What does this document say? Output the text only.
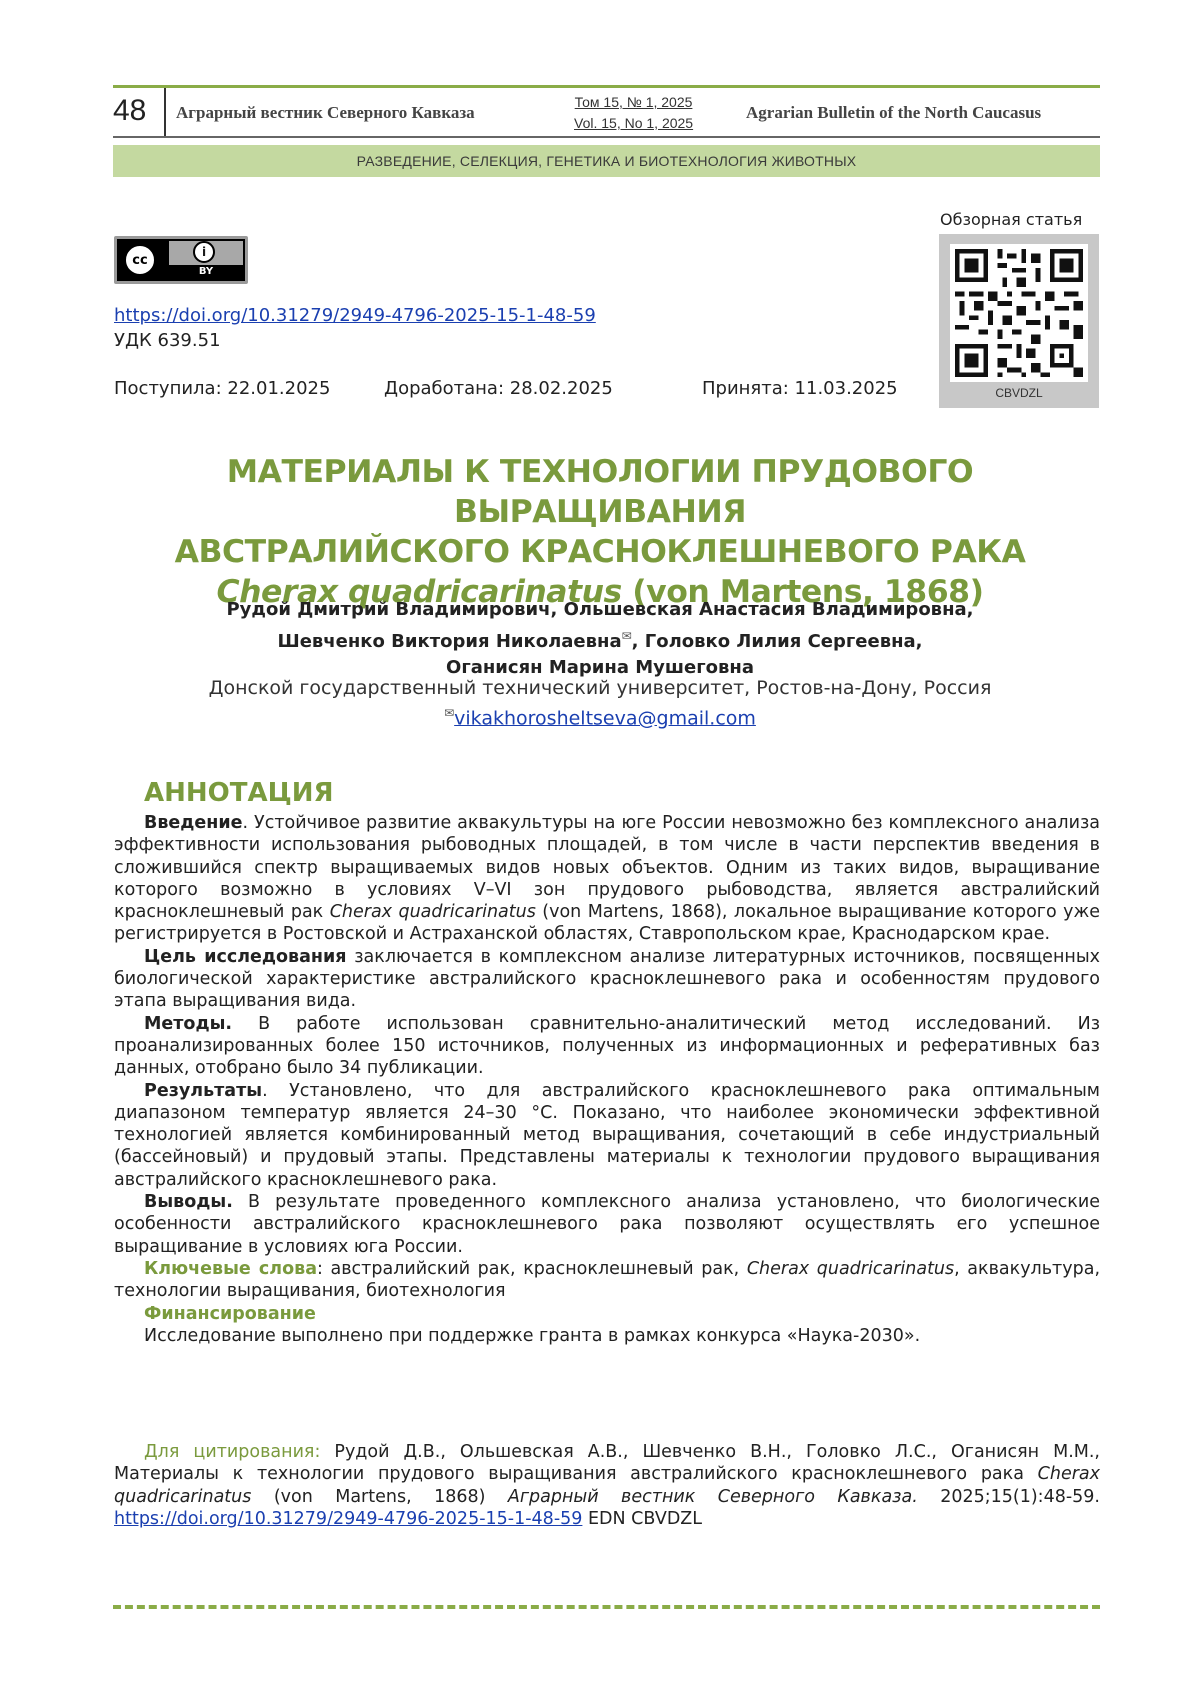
48 Аграрный вестник Северного Кавказа
Том 15, № 1, 2025
Vol. 15, No 1, 2025
Agrarian Bulletin of the North Caucasus
РАЗВЕДЕНИЕ, СЕЛЕКЦИЯ, ГЕНЕТИКА И БИОТЕХНОЛОГИЯ ЖИВОТНЫХ
cc
i
BY
Обзорная статья
CBVDZL
https://doi.org/10.31279/2949-4796-2025-15-1-48-59
УДК 639.51
Поступила: 22.01.2025	Доработана: 28.02.2025	Принята: 11.03.2025
МАТЕРИАЛЫ К ТЕХНОЛОГИИ ПРУДОВОГО ВЫРАЩИВАНИЯ
АВСТРАЛИЙСКОГО КРАСНОКЛЕШНЕВОГО РАКА
Cherax quadricarinatus (von Martens, 1868)
Рудой Дмитрий Владимирович, Ольшевская Анастасия Владимировна,
Шевченко Виктория Николаевна✉, Головко Лилия Сергеевна,
Оганисян Марина Мушеговна
Донской государственный технический университет, Ростов-на-Дону, Россия
✉vikakhorosheltseva@gmail.com
АННОТАЦИЯ

Введение. Устойчивое развитие аквакультуры на юге России невозможно без комплексного анализа эффективности использования рыбоводных площадей, в том числе в части перспектив введения в сложившийся спектр выращиваемых видов новых объектов. Одним из таких видов, выращивание которого возможно в условиях V–VI зон прудового рыбоводства, является австралийский красноклешневый рак Cherax quadricarinatus (von Martens, 1868), локальное выращивание которого уже регистрируется в Ростовской и Астраханской областях, Ставропольском крае, Краснодарском крае.

Цель исследования заключается в комплексном анализе литературных источников, посвященных биологической характеристике австралийского красноклешневого рака и особенностям прудового этапа выращивания вида.

Методы. В работе использован сравнительно-аналитический метод исследований. Из проанализированных более 150 источников, полученных из информационных и реферативных баз данных, отобрано было 34 публикации.

Результаты. Установлено, что для австралийского красноклешневого рака оптимальным диапазоном температур является 24–30 °С. Показано, что наиболее экономически эффективной технологией является комбинированный метод выращивания, сочетающий в себе индустриальный (бассейновый) и прудовый этапы. Представлены материалы к технологии прудового выращивания австралийского красноклешневого рака.

Выводы. В результате проведенного комплексного анализа установлено, что биологические особенности австралийского красноклешневого рака позволяют осуществлять его успешное выращивание в условиях юга России.

Ключевые слова: австралийский рак, красноклешневый рак, Cherax quadricarinatus, аквакультура, технологии выращивания, биотехнология

Финансирование

Исследование выполнено при поддержке гранта в рамках конкурса «Наука-2030».

Для цитирования: Рудой Д.В., Ольшевская А.В., Шевченко В.Н., Головко Л.С., Оганисян М.М., Материалы к технологии прудового выращивания австралийского красноклешневого рака Cherax quadricarinatus (von Martens, 1868) Аграрный вестник Северного Кавказа. 2025;15(1):48-59. https://doi.org/10.31279/2949-4796-2025-15-1-48-59 EDN CBVDZL
